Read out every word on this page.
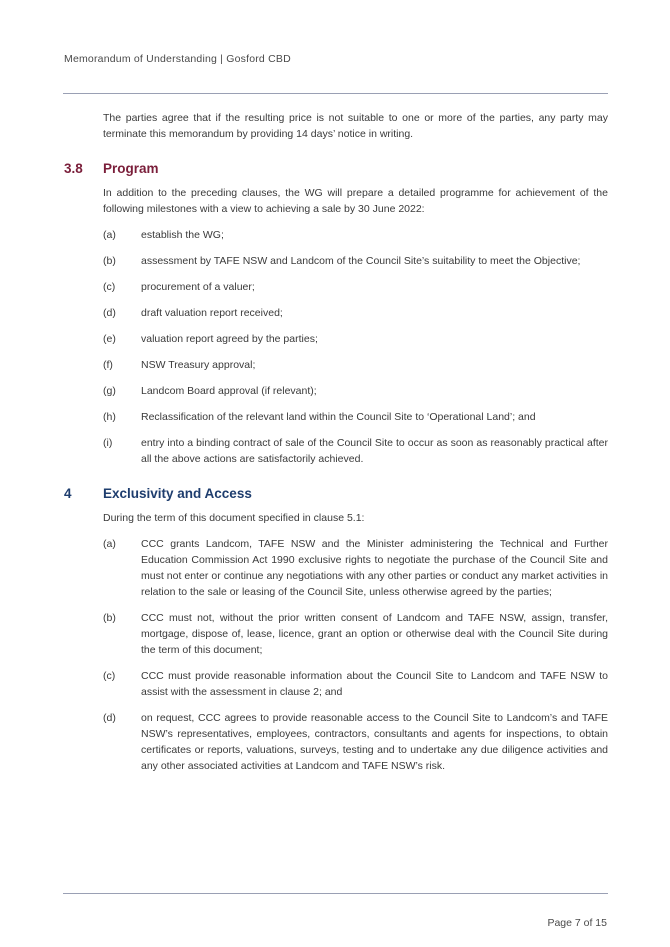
Memorandum of Understanding | Gosford CBD

The parties agree that if the resulting price is not suitable to one or more of the parties, any party may terminate this memorandum by providing 14 days’ notice in writing.

3.8	Program

In addition to the preceding clauses, the WG will prepare a detailed programme for achievement of the following milestones with a view to achieving a sale by 30 June 2022:

(a)	establish the WG;
(b)	assessment by TAFE NSW and Landcom of the Council Site’s suitability to meet the Objective;
(c)	procurement of a valuer;
(d)	draft valuation report received;
(e)	valuation report agreed by the parties;
(f)	NSW Treasury approval;
(g)	Landcom Board approval (if relevant);
(h)	Reclassification of the relevant land within the Council Site to ‘Operational Land’; and
(i)	entry into a binding contract of sale of the Council Site to occur as soon as reasonably practical after all the above actions are satisfactorily achieved.
4	Exclusivity and Access

During the term of this document specified in clause 5.1:

(a)	CCC grants Landcom, TAFE NSW and the Minister administering the Technical and Further Education Commission Act 1990 exclusive rights to negotiate the purchase of the Council Site and must not enter or continue any negotiations with any other parties or conduct any market activities in relation to the sale or leasing of the Council Site, unless otherwise agreed by the parties;
(b)	CCC must not, without the prior written consent of Landcom and TAFE NSW, assign, transfer, mortgage, dispose of, lease, licence, grant an option or otherwise deal with the Council Site during the term of this document;
(c)	CCC must provide reasonable information about the Council Site to Landcom and TAFE NSW to assist with the assessment in clause 2; and
(d)	on request, CCC agrees to provide reasonable access to the Council Site to Landcom’s and TAFE NSW’s representatives, employees, contractors, consultants and agents for inspections, to obtain certificates or reports, valuations, surveys, testing and to undertake any due diligence activities and any other associated activities at Landcom and TAFE NSW’s risk.
Page 7 of 15
